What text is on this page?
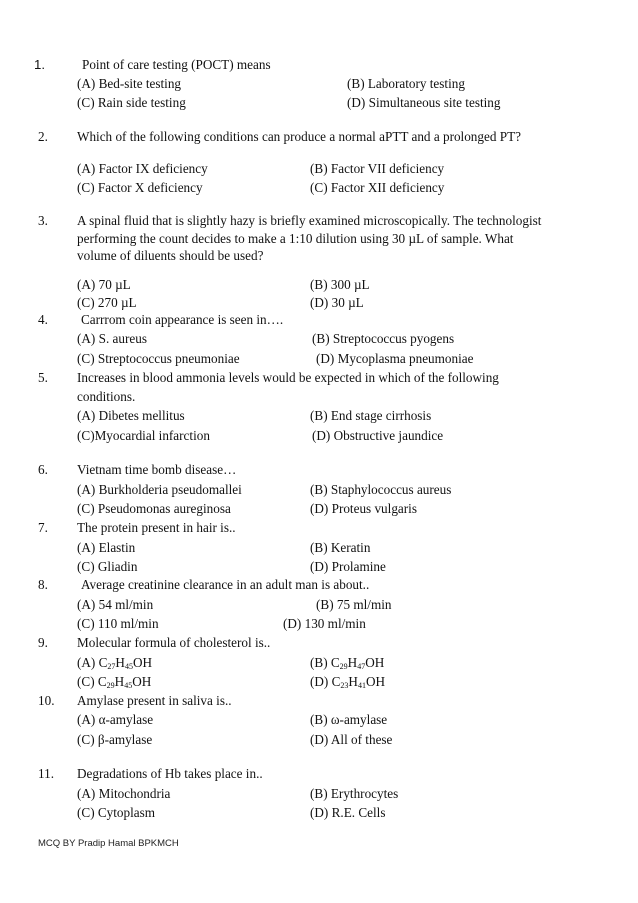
1.	Point of care testing (POCT) means
(A) Bed-site testing	(B) Laboratory testing
(C) Rain side testing	(D) Simultaneous site testing
2. Which of the following conditions can produce a normal aPTT and a prolonged PT?
(A) Factor IX deficiency	(B) Factor VII deficiency
(C) Factor X deficiency	(C) Factor XII deficiency
3. A spinal fluid that is slightly hazy is briefly examined microscopically. The technologist
performing the count decides to make a 1:10 dilution using 30 µL of sample. What
volume of diluents should be used?
(A) 70 µL	(B) 300 µL
(C) 270 µL	(D) 30 µL
4.	Carrrom coin appearance is seen in….
(A) S. aureus	(B) Streptococcus pyogens
(C) Streptococcus pneumoniae	(D) Mycoplasma pneumoniae
5. Increases in blood ammonia levels would be expected in which of the following
conditions.
(A) Dibetes mellitus	(B) End stage cirrhosis
(C)Myocardial infarction	(D) Obstructive jaundice
6. Vietnam time bomb disease…
(A) Burkholderia pseudomallei	(B) Staphylococcus aureus
(C) Pseudomonas aureginosa	(D) Proteus vulgaris
7. The protein present in hair is..
(A) Elastin	(B) Keratin
(C) Gliadin	(D) Prolamine
8.	Average creatinine clearance in an adult man is about..
(A) 54 ml/min	(B) 75 ml/min
(C) 110 ml/min	(D) 130 ml/min
9. Molecular formula of cholesterol is..
(A) $C_{27}H_{45}OH$	(B) $C_{29}H_{47}OH$
(C) $C_{29}H_{45}OH$	(D) $C_{23}H_{41}OH$
10. Amylase present in saliva is..
(A) α-amylase	(B) ω-amylase
(C) β-amylase	(D) All of these
11. Degradations of Hb takes place in..
(A) Mitochondria	(B) Erythrocytes
(C) Cytoplasm	(D) R.E. Cells
MCQ BY Pradip Hamal BPKMCH
